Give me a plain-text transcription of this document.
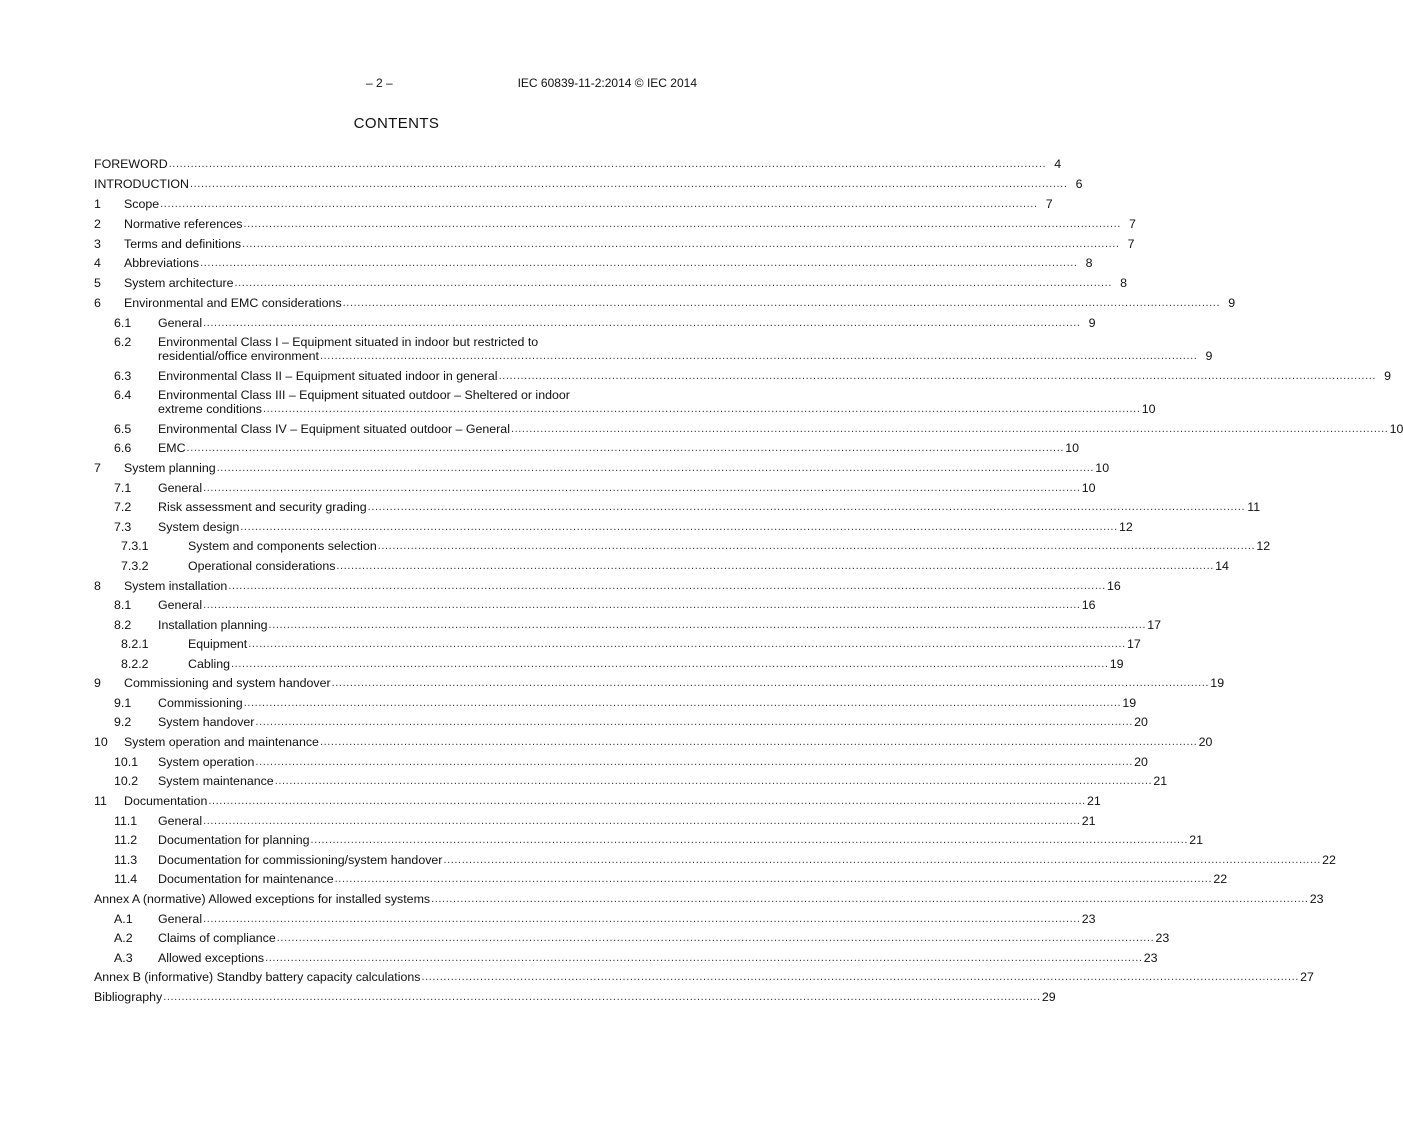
– 2 –	IEC 60839-11-2:2014 © IEC 2014
CONTENTS
FOREWORD ................................................................................................................................................................................................................................................ 4
INTRODUCTION ................................................................................................................................................................................................................................................ 6
1	Scope ................................................................................................................................................................................................................................................ 7
2	Normative references ................................................................................................................................................................................................................................................ 7
3	Terms and definitions ................................................................................................................................................................................................................................................ 7
4	Abbreviations ................................................................................................................................................................................................................................................ 8
5	System architecture ................................................................................................................................................................................................................................................ 8
6	Environmental and EMC considerations ................................................................................................................................................................................................................................................ 9
6.1	General ................................................................................................................................................................................................................................................ 9
6.2	Environmental Class I – Equipment situated in indoor but restricted to
residential/office environment ................................................................................................................................................................................................................................................ 9
6.3	Environmental Class II – Equipment situated indoor in general ................................................................................................................................................................................................................................................ 9
6.4	Environmental Class III – Equipment situated outdoor – Sheltered or indoor
extreme conditions ................................................................................................................................................................................................................................................ 10
6.5	Environmental Class IV – Equipment situated outdoor – General ................................................................................................................................................................................................................................................ 10
6.6	EMC ................................................................................................................................................................................................................................................ 10
7	System planning ................................................................................................................................................................................................................................................ 10
7.1	General ................................................................................................................................................................................................................................................ 10
7.2	Risk assessment and security grading ................................................................................................................................................................................................................................................ 11
7.3	System design ................................................................................................................................................................................................................................................ 12
7.3.1	System and components selection ................................................................................................................................................................................................................................................ 12
7.3.2	Operational considerations ................................................................................................................................................................................................................................................ 14
8	System installation ................................................................................................................................................................................................................................................ 16
8.1	General ................................................................................................................................................................................................................................................ 16
8.2	Installation planning ................................................................................................................................................................................................................................................ 17
8.2.1	Equipment ................................................................................................................................................................................................................................................ 17
8.2.2	Cabling ................................................................................................................................................................................................................................................ 19
9	Commissioning and system handover ................................................................................................................................................................................................................................................ 19
9.1	Commissioning ................................................................................................................................................................................................................................................ 19
9.2	System handover ................................................................................................................................................................................................................................................ 20
10	System operation and maintenance ................................................................................................................................................................................................................................................ 20
10.1	System operation ................................................................................................................................................................................................................................................ 20
10.2	System maintenance ................................................................................................................................................................................................................................................ 21
11	Documentation ................................................................................................................................................................................................................................................ 21
11.1	General ................................................................................................................................................................................................................................................ 21
11.2	Documentation for planning ................................................................................................................................................................................................................................................ 21
11.3	Documentation for commissioning/system handover ................................................................................................................................................................................................................................................ 22
11.4	Documentation for maintenance ................................................................................................................................................................................................................................................ 22
Annex A (normative) Allowed exceptions for installed systems ................................................................................................................................................................................................................................................ 23
A.1	General ................................................................................................................................................................................................................................................ 23
A.2	Claims of compliance ................................................................................................................................................................................................................................................ 23
A.3	Allowed exceptions ................................................................................................................................................................................................................................................ 23
Annex B (informative) Standby battery capacity calculations ................................................................................................................................................................................................................................................ 27
Bibliography ................................................................................................................................................................................................................................................ 29
